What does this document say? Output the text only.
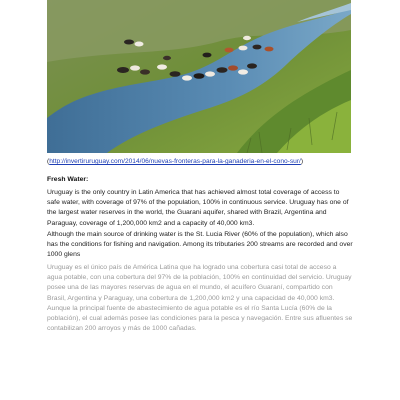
(http://invertiruruguay.com/2014/06/nuevas-fronteras-para-la-ganaderia-en-el-cono-sur/)
Fresh Water:

Uruguay is the only country in Latin America that has achieved almost total coverage of access to safe water, with coverage of 97% of the population, 100% in continuous service. Uruguay has one of the largest water reserves in the world, the Guarani aquifer, shared with Brazil, Argentina and Paraguay, coverage of 1,200,000 km2 and a capacity of 40,000 km3.

Although the main source of drinking water is the St. Lucia River (60% of the population), which also has the conditions for fishing and navigation. Among its tributaries 200 streams are recorded and over 1000 glens

Uruguay es el único país de América Latina que ha logrado una cobertura casi total de acceso a agua potable, con una cobertura del 97% de la población, 100% en continuidad del servicio. Uruguay posee una de las mayores reservas de agua en el mundo, el acuífero Guaraní, compartido con Brasil, Argentina y Paraguay, una cobertura de 1,200,000 km2 y una capacidad de 40,000 km3. Aunque la principal fuente de abastecimiento de agua potable es el río Santa Lucía (60% de la población), el cual además posee las condiciones para la pesca y navegación. Entre sus afluentes se contabilizan 200 arroyos y más de 1000 cañadas.
